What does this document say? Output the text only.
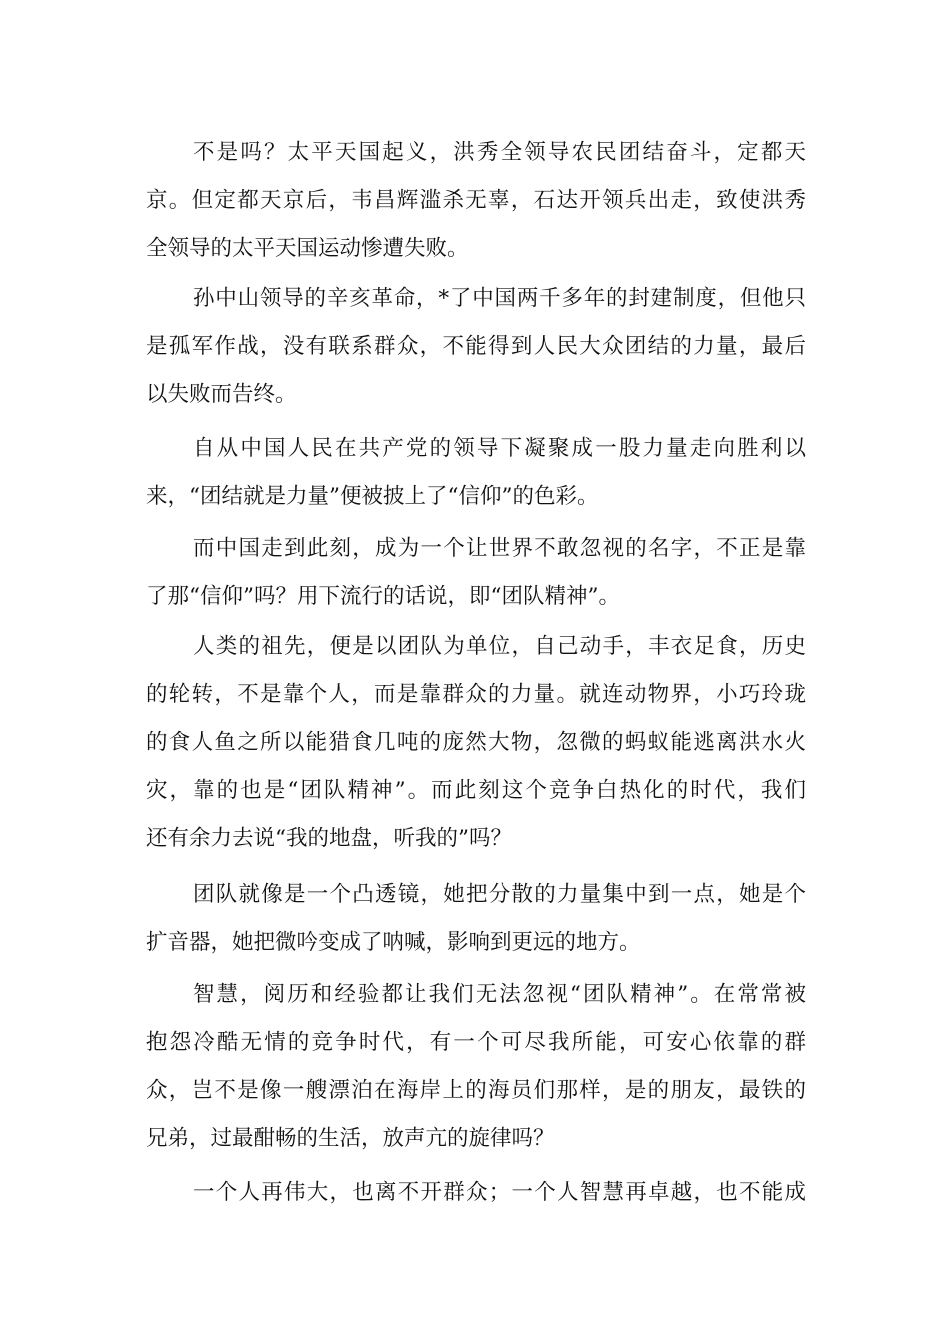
不是吗？太平天国起义，洪秀全领导农民团结奋斗，定都天
京。但定都天京后，韦昌辉滥杀无辜，石达开领兵出走，致使洪秀
全领导的太平天国运动惨遭失败。
孙中山领导的辛亥革命，*了中国两千多年的封建制度，但他只
是孤军作战，没有联系群众，不能得到人民大众团结的力量，最后
以失败而告终。
自从中国人民在共产党的领导下凝聚成一股力量走向胜利以
来，“团结就是力量”便被披上了“信仰”的色彩。
而中国走到此刻，成为一个让世界不敢忽视的名字，不正是靠
了那“信仰”吗？用下流行的话说，即“团队精神”。
人类的祖先，便是以团队为单位，自己动手，丰衣足食，历史
的轮转，不是靠个人，而是靠群众的力量。就连动物界，小巧玲珑
的食人鱼之所以能猎食几吨的庞然大物，忽微的蚂蚁能逃离洪水火
灾，靠的也是“团队精神”。而此刻这个竞争白热化的时代，我们
还有余力去说“我的地盘，听我的”吗？
团队就像是一个凸透镜，她把分散的力量集中到一点，她是个
扩音器，她把微吟变成了呐喊，影响到更远的地方。
智慧，阅历和经验都让我们无法忽视“团队精神”。在常常被
抱怨冷酷无情的竞争时代，有一个可尽我所能，可安心依靠的群
众，岂不是像一艘漂泊在海岸上的海员们那样，是的朋友，最铁的
兄弟，过最酣畅的生活，放声亢的旋律吗？
一个人再伟大，也离不开群众；一个人智慧再卓越，也不能成
